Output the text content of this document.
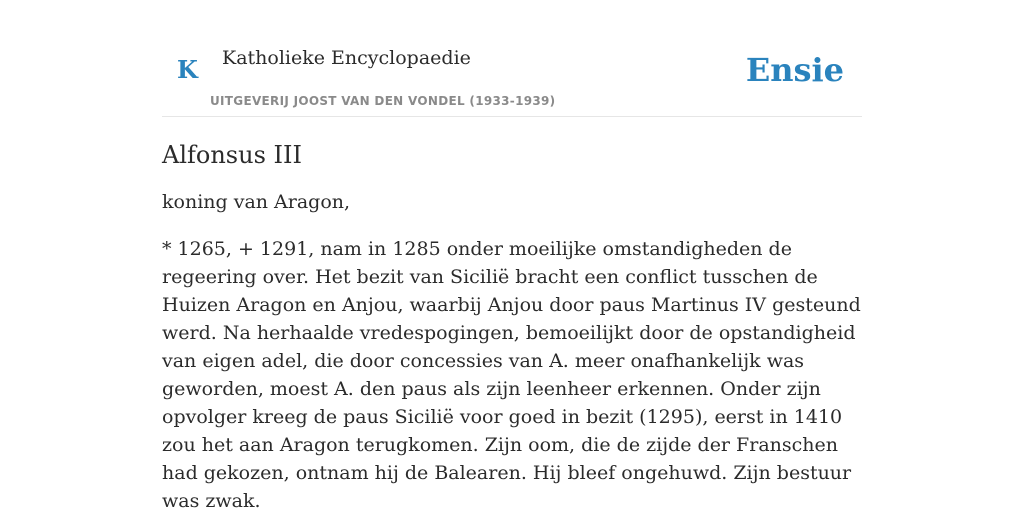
K Katholieke Encyclopaedie
UITGEVERIJ JOOST VAN DEN VONDEL (1933-1939)
Ensie
Alfonsus III

koning van Aragon,

* 1265, + 1291, nam in 1285 onder moeilijke omstandigheden de regeering over. Het bezit van Sicilië bracht een conflict tusschen de Huizen Aragon en Anjou, waarbij Anjou door paus Martinus IV gesteund werd. Na herhaalde vredespogingen, bemoeilijkt door de opstandigheid van eigen adel, die door concessies van A. meer onafhankelijk was geworden, moest A. den paus als zijn leenheer erkennen. Onder zijn opvolger kreeg de paus Sicilië voor goed in bezit (1295), eerst in 1410 zou het aan Aragon terugkomen. Zijn oom, die de zijde der Franschen had gekozen, ontnam hij de Balearen. Hij bleef ongehuwd. Zijn bestuur was zwak.
